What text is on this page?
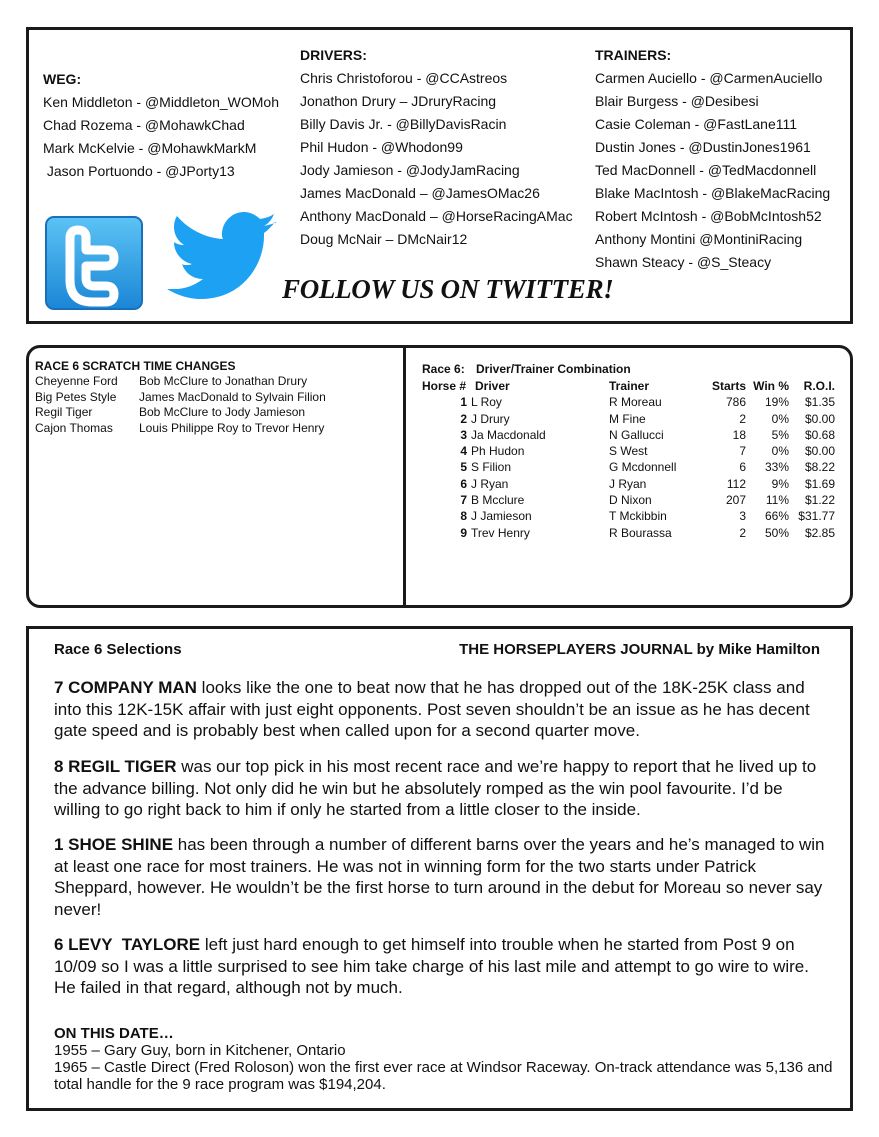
WEG:
Ken Middleton - @Middleton_WOMoh
Chad Rozema - @MohawkChad
Mark McKelvie - @MohawkMarkM
Jason Portuondo - @JPorty13
DRIVERS:
Chris Christoforou - @CCAstreos
Jonathon Drury – JDruryRacing
Billy Davis Jr. - @BillyDavisRacin
Phil Hudon - @Whodon99
Jody Jamieson - @JodyJamRacing
James MacDonald – @JamesOMac26
Anthony MacDonald – @HorseRacingAMac
Doug McNair – DMcNair12
TRAINERS:
Carmen Auciello - @CarmenAuciello
Blair Burgess - @Desibesi
Casie Coleman - @FastLane111
Dustin Jones - @DustinJones1961
Ted MacDonnell - @TedMacdonnell
Blake MacIntosh - @BlakeMacRacing
Robert McIntosh - @BobMcIntosh52
Anthony Montini @MontiniRacing
Shawn Steacy - @S_Steacy
FOLLOW US ON TWITTER!
RACE 6 SCRATCH TIME CHANGES
Cheyenne Ford	Bob McClure to Jonathan Drury
Big Petes Style	James MacDonald to Sylvain Filion
Regil Tiger	Bob McClure to Jody Jamieson
Cajon Thomas	Louis Philippe Roy to Trevor Henry
Race 6: Driver/Trainer Combination
Horse #	Driver	Trainer	Starts	Win %	R.O.I.
1	L Roy	R Moreau	786	19%	$1.35
2	J Drury	M Fine	2	0%	$0.00
3	Ja Macdonald	N Gallucci	18	5%	$0.68
4	Ph Hudon	S West	7	0%	$0.00
5	S Filion	G Mcdonnell	6	33%	$8.22
6	J Ryan	J Ryan	112	9%	$1.69
7	B Mcclure	D Nixon	207	11%	$1.22
8	J Jamieson	T Mckibbin	3	66%	$31.77
9	Trev Henry	R Bourassa	2	50%	$2.85
Race 6 Selections	THE HORSEPLAYERS JOURNAL by Mike Hamilton
7 COMPANY MAN looks like the one to beat now that he has dropped out of the 18K-25K class and into this 12K-15K affair with just eight opponents. Post seven shouldn’t be an issue as he has decent gate speed and is probably best when called upon for a second quarter move.
8 REGIL TIGER was our top pick in his most recent race and we’re happy to report that he lived up to the advance billing. Not only did he win but he absolutely romped as the win pool favourite. I’d be willing to go right back to him if only he started from a little closer to the inside.
1 SHOE SHINE has been through a number of different barns over the years and he’s managed to win at least one race for most trainers. He was not in winning form for the two starts under Patrick Sheppard, however. He wouldn’t be the first horse to turn around in the debut for Moreau so never say never!
6 LEVY  TAYLORE left just hard enough to get himself into trouble when he started from Post 9 on 10/09 so I was a little surprised to see him take charge of his last mile and attempt to go wire to wire. He failed in that regard, although not by much.
ON THIS DATE…
1955 – Gary Guy, born in Kitchener, Ontario
1965 – Castle Direct (Fred Roloson) won the first ever race at Windsor Raceway. On-track attendance was 5,136 and total handle for the 9 race program was $194,204.
